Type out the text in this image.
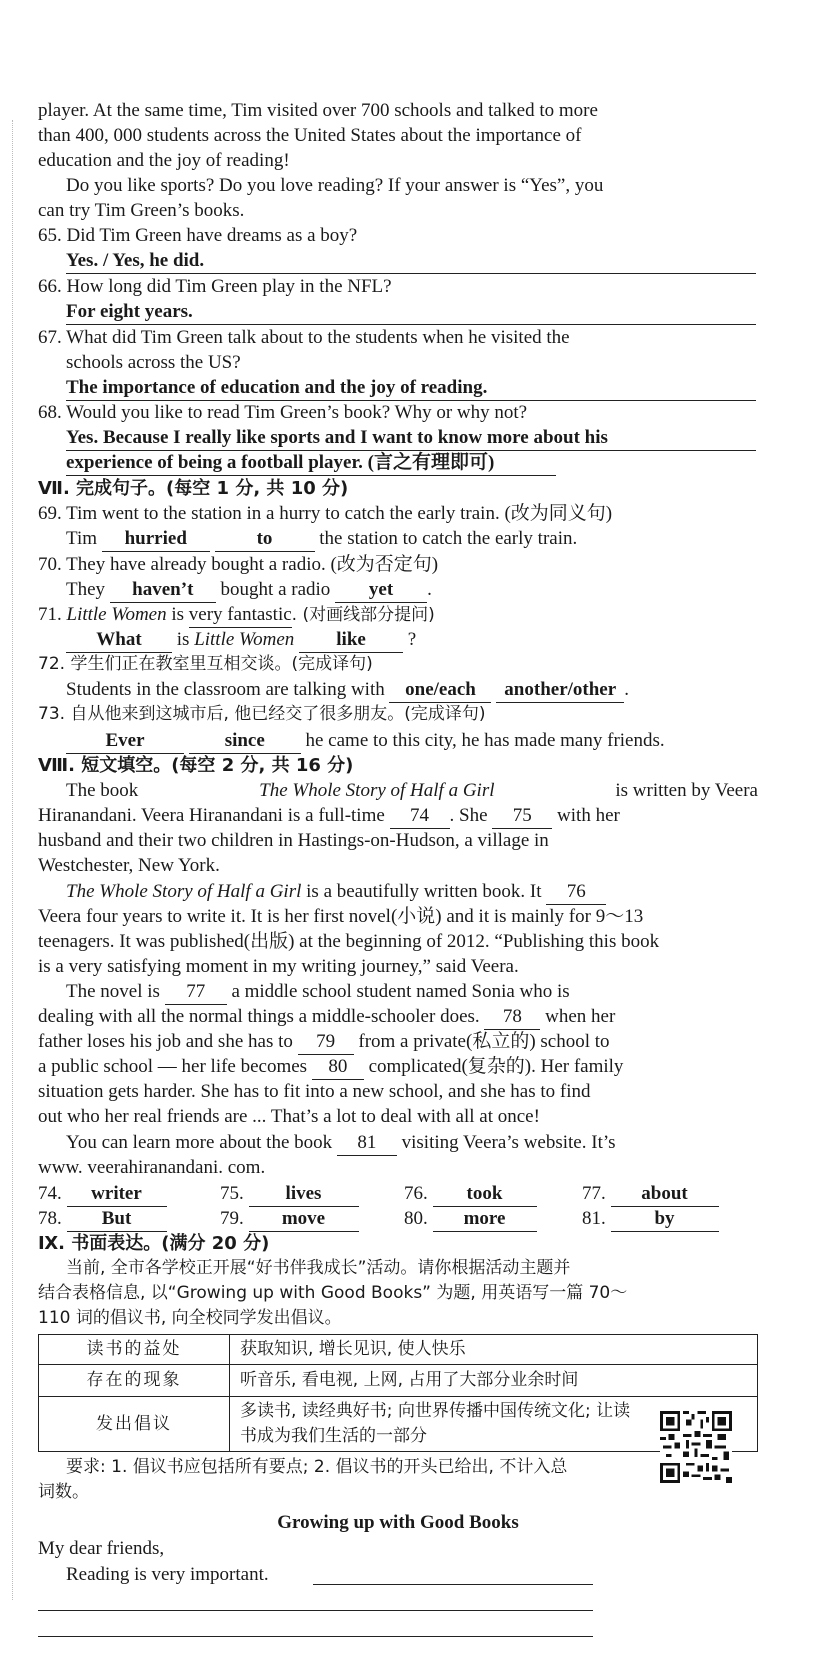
player. At the same time, Tim visited over 700 schools and talked to more
than 400, 000 students across the United States about the importance of
education and the joy of reading!
Do you like sports? Do you love reading? If your answer is “Yes”, you
can try Tim Green’s books.
65. Did Tim Green have dreams as a boy?
Yes. / Yes, he did.
66. How long did Tim Green play in the NFL?
For eight years.
67. What did Tim Green talk about to the students when he visited the
schools across the US?
The importance of education and the joy of reading.
68. Would you like to read Tim Green’s book? Why or why not?
Yes. Because I really like sports and I want to know more about his
experience of being a football player. (言之有理即可)
Ⅶ. 完成句子。(每空 1 分, 共 10 分)
69. Tim went to the station in a hurry to catch the early train. (改为同义句)
Tim hurried	to the station to catch the early train.
70. They have already bought a radio. (改为否定句)
They haven’t bought a radio yet .
71. Little Women is very fantastic. (对画线部分提问)
What is Little Women like ?
72. 学生们正在教室里互相交谈。(完成译句)
Students in the classroom are talking with one/each another/other .
73. 自从他来到这城市后, 他已经交了很多朋友。(完成译句)
Ever	since he came to this city, he has made many friends.
Ⅷ. 短文填空。(每空 2 分, 共 16 分)
The book	The Whole Story of Half a Girl	is written by Veera
Hiranandani. Veera Hiranandani is a full-time 74 . She 75 with her
husband and their two children in Hastings-on-Hudson, a village in
Westchester, New York.
The Whole Story of Half a Girl is a beautifully written book. It 76
Veera four years to write it. It is her first novel(小说) and it is mainly for 9～13
teenagers. It was published(出版) at the beginning of 2012. “Publishing this book
is a very satisfying moment in my writing journey,” said Veera.
The novel is 77 a middle school student named Sonia who is
dealing with all the normal things a middle-schooler does. 78 when her
father loses his job and she has to 79 from a private(私立的) school to
a public school — her life becomes 80 complicated(复杂的). Her family
situation gets harder. She has to fit into a new school, and she has to find
out who her real friends are ... That’s a lot to deal with all at once!
You can learn more about the book 81 visiting Veera’s website. It’s
www. veerahiranandani. com.
74. writer	75. lives	76. took	77. about
78. But	79. move	80. more	81.	by
Ⅸ. 书面表达。(满分 20 分)
当前, 全市各学校正开展“好书伴我成长”活动。请你根据活动主题并
结合表格信息, 以“Growing up with Good Books” 为题, 用英语写一篇 70～
110 词的倡议书, 向全校同学发出倡议。
读书的益处	获取知识, 增长见识, 使人快乐
存在的现象	听音乐, 看电视, 上网, 占用了大部分业余时间
发出倡议	多读书, 读经典好书; 向世界传播中国传统文化; 让读
书成为我们生活的一部分
要求: 1. 倡议书应包括所有要点; 2. 倡议书的开头已给出, 不计入总
词数。
Growing up with Good Books
My dear friends,
Reading is very important.
